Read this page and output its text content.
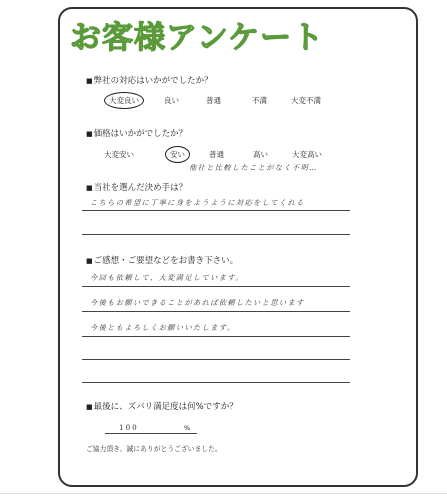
お客様アンケート
■弊社の対応はいかがでしたか？
大変良い	良い	普通	不満	大変不満
■価格はいかがでしたか？
大変安い	安い	普通	高い	大変高い
他社と比較したことがなく不明…
■当社を選んだ決め手は？
こちらの希望に丁寧に身をようように対応をしてくれる
■ご感想・ご要望などをお書き下さい。
今回も依頼して、大変満足しています。
今後もお願いできることがあれば依頼したいと思います
今後ともよろしくお願いいたします。
■最後に、ズバリ満足度は何%ですか？
100	%
ご協力頂き、誠にありがとうございました。
